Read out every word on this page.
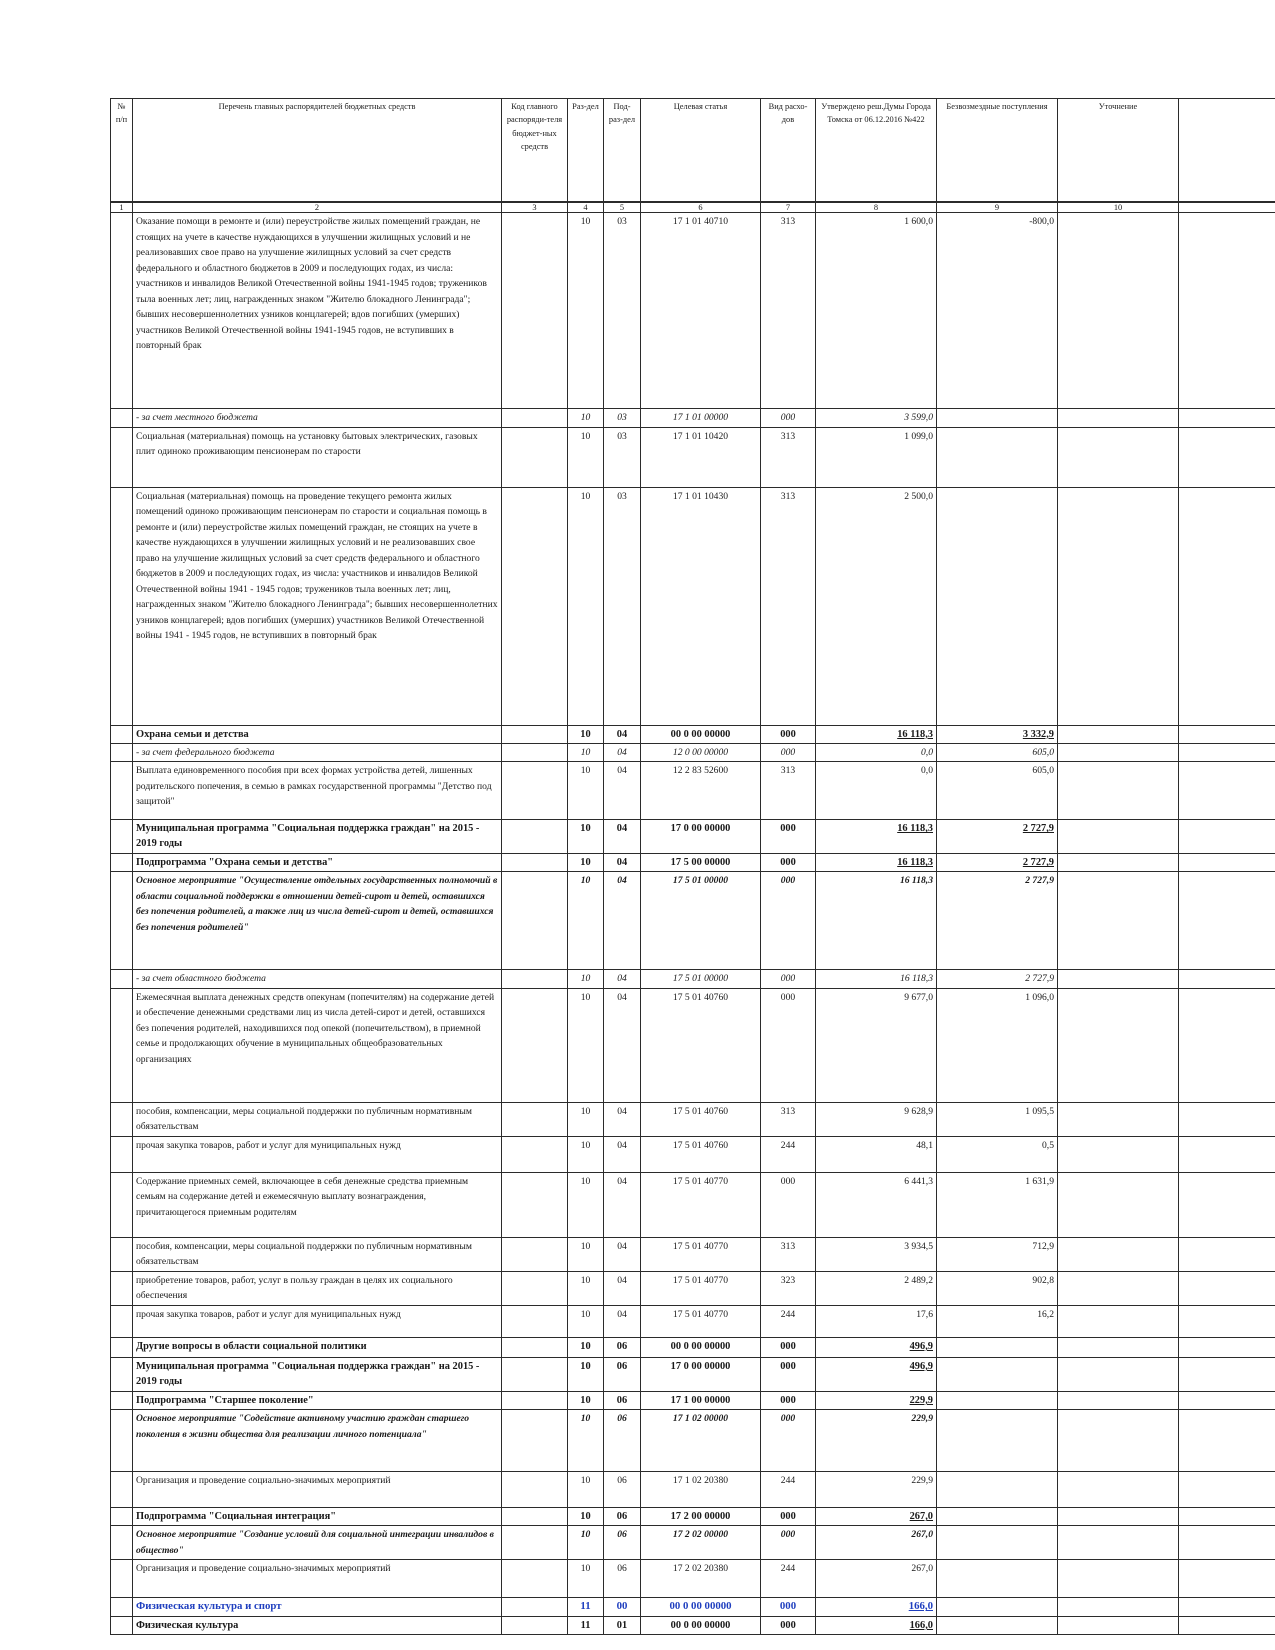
№ п/п	Перечень главных распорядителей бюджетных средств	Код главного распоряди-теля бюджет-ных средств	Раз-дел	Под-раз-дел	Целевая статья	Вид расхо-дов	Утверждено реш.Думы Города Томска от 06.12.2016 №422	Безвозмездные поступления	Уточнение	
1	2	3	4	5	6	7	8	9	10	
	Оказание помощи в ремонте и (или) переустройстве жилых помещений граждан, не стоящих на учете в качестве нуждающихся в улучшении жилищных условий и не реализовавших свое право на улучшение жилищных условий за счет средств федерального и областного бюджетов в 2009 и последующих годах, из числа: участников и инвалидов Великой Отечественной войны 1941-1945 годов; тружеников тыла военных лет; лиц, награжденных знаком "Жителю блокадного Ленинграда"; бывших несовершеннолетних узников концлагерей; вдов погибших (умерших) участников Великой Отечественной войны 1941-1945 годов, не вступивших в повторный брак		10	03	17 1 01 40710	313	1 600,0	-800,0		
	- за счет местного бюджета		10	03	17 1 01 00000	000	3 599,0			
	Социальная (материальная) помощь на установку бытовых электрических, газовых плит одиноко проживающим пенсионерам по старости		10	03	17 1 01 10420	313	1 099,0			
	Социальная (материальная) помощь на проведение текущего ремонта жилых помещений одиноко проживающим пенсионерам по старости и социальная помощь в ремонте и (или) переустройстве жилых помещений граждан, не стоящих на учете в качестве нуждающихся в улучшении жилищных условий и не реализовавших свое право на улучшение жилищных условий за счет средств федерального и областного бюджетов в 2009 и последующих годах, из числа: участников и инвалидов Великой Отечественной войны 1941 - 1945 годов; тружеников тыла военных лет; лиц, награжденных знаком "Жителю блокадного Ленинграда"; бывших несовершеннолетних узников концлагерей; вдов погибших (умерших) участников Великой Отечественной войны 1941 - 1945 годов, не вступивших в повторный брак		10	03	17 1 01 10430	313	2 500,0			
	Охрана семьи и детства		10	04	00 0 00 00000	000	16 118,3	3 332,9		
	- за счет федерального бюджета		10	04	12 0 00 00000	000	0,0	605,0		
	Выплата единовременного пособия при всех формах устройства детей, лишенных родительского попечения, в семью в рамках государственной программы "Детство под защитой"		10	04	12 2 83 52600	313	0,0	605,0		
	Муниципальная программа "Социальная поддержка граждан" на 2015 - 2019 годы		10	04	17 0 00 00000	000	16 118,3	2 727,9		
	Подпрограмма "Охрана семьи и детства"		10	04	17 5 00 00000	000	16 118,3	2 727,9		
	Основное мероприятие "Осуществление отдельных государственных полномочий в области социальной поддержки в отношении детей-сирот и детей, оставшихся без попечения родителей, а также лиц из числа детей-сирот и детей, оставшихся без попечения родителей"		10	04	17 5 01 00000	000	16 118,3	2 727,9		
	- за счет областного бюджета		10	04	17 5 01 00000	000	16 118,3	2 727,9		
	Ежемесячная выплата денежных средств опекунам (попечителям) на содержание детей и обеспечение денежными средствами лиц из числа детей-сирот и детей, оставшихся без попечения родителей, находившихся под опекой (попечительством), в приемной семье и продолжающих обучение в муниципальных общеобразовательных организациях		10	04	17 5 01 40760	000	9 677,0	1 096,0		
	пособия, компенсации, меры социальной поддержки по публичным нормативным обязательствам		10	04	17 5 01 40760	313	9 628,9	1 095,5		
	прочая закупка товаров, работ и услуг для муниципальных нужд		10	04	17 5 01 40760	244	48,1	0,5		
	Содержание приемных семей, включающее в себя денежные средства приемным семьям на содержание детей и ежемесячную выплату вознаграждения, причитающегося приемным родителям		10	04	17 5 01 40770	000	6 441,3	1 631,9		
	пособия, компенсации, меры социальной поддержки по публичным нормативным обязательствам		10	04	17 5 01 40770	313	3 934,5	712,9		
	приобретение товаров, работ, услуг в пользу граждан в целях их социального обеспечения		10	04	17 5 01 40770	323	2 489,2	902,8		
	прочая закупка товаров, работ и услуг для муниципальных нужд		10	04	17 5 01 40770	244	17,6	16,2		
	Другие вопросы в области социальной политики		10	06	00 0 00 00000	000	496,9			
	Муниципальная программа "Социальная поддержка граждан" на 2015 - 2019 годы		10	06	17 0 00 00000	000	496,9			
	Подпрограмма "Старшее поколение"		10	06	17 1 00 00000	000	229,9			
	Основное мероприятие "Содействие активному участию граждан старшего поколения в жизни общества для реализации личного потенциала"		10	06	17 1 02 00000	000	229,9			
	Организация и проведение социально-значимых мероприятий		10	06	17 1 02 20380	244	229,9			
	Подпрограмма "Социальная интеграция"		10	06	17 2 00 00000	000	267,0			
	Основное мероприятие "Создание условий для социальной интеграции инвалидов в общество"		10	06	17 2 02 00000	000	267,0			
	Организация и проведение социально-значимых мероприятий		10	06	17 2 02 20380	244	267,0			
	Физическая культура и спорт		11	00	00 0 00 00000	000	166,0			
	Физическая культура		11	01	00 0 00 00000	000	166,0			
